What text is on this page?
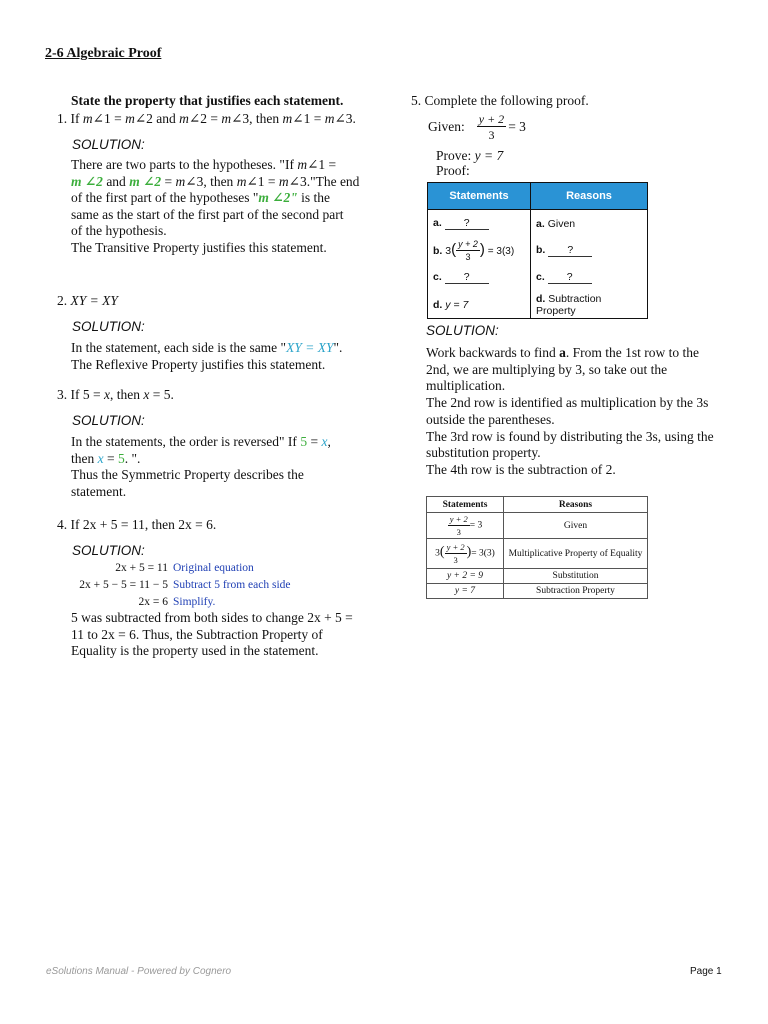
2-6 Algebraic Proof
State the property that justifies each statement.
1. If m∠1 = m∠2 and m∠2 = m∠3, then m∠1 = m∠3.
SOLUTION:

There are two parts to the hypotheses. "If m∠1 =

m ∠2 and m ∠2 = m∠3, then m∠1 = m∠3."The end

of the first part of the hypotheses "m ∠2" is the

same as the start of the first part of the second part

of the hypothesis.

The Transitive Property justifies this statement.

2. XY = XY
SOLUTION:

In the statement, each side is the same "XY = XY".

The Reflexive Property justifies this statement.

3. If 5 = x, then x = 5.
SOLUTION:

In the statements, the order is reversed" If 5 = x,

then x = 5. ".

Thus the Symmetric Property describes the

statement.

4. If 2x + 5 = 11, then 2x = 6.
SOLUTION:
2x + 5 = 11 Original equation
2x + 5 − 5 = 11 − 5 Subtract 5 from each side
2x = 6 Simplify.

5 was subtracted from both sides to change 2x + 5 =

11 to 2x = 6. Thus, the Subtraction Property of

Equality is the property used in the statement.

5. Complete the following proof.
Given: $\frac{y + 2}{3} = 3$
Prove: y = 7
Proof:
Statements	Reasons
a. ?	a. Given
b. $3( \frac{y + 2}{3}$ ) = 3(3)	b. ?
c. ?	c. ?
d. y = 7	d. Subtraction Property
SOLUTION:

Work backwards to find a. From the 1st row to the

2nd, we are multiplying by 3, so take out the

multiplication.

The 2nd row is identified as multiplication by the 3s

outside the parentheses.

The 3rd row is found by distributing the 3s, using the

substitution property.

The 4th row is the subtraction of 2.

Statements	Reasons

$\frac{y + 2}{3} = 3$	Given
$3( \frac{y + 2}{3}$ )= 3(3)	Multiplicative Property of Equality
y + 2 = 9	Substitution
y = 7	Subtraction Property
eSolutions Manual - Powered by Cognero	Page 1
